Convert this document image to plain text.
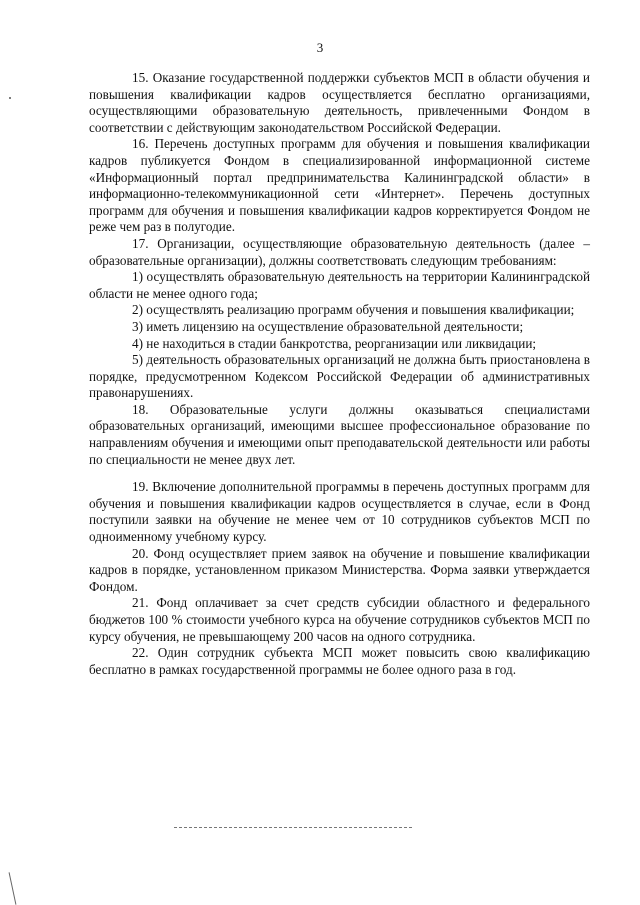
3

15. Оказание государственной поддержки субъектов МСП в области обучения и повышения квалификации кадров осуществляется бесплатно организациями, осуществляющими образовательную деятельность, привлеченными Фондом в соответствии с действующим законодательством Российской Федерации.

16. Перечень доступных программ для обучения и повышения квалификации кадров публикуется Фондом в специализированной информационной системе «Информационный портал предпринимательства Калининградской области» в информационно-телекоммуникационной сети «Интернет». Перечень доступных программ для обучения и повышения квалификации кадров корректируется Фондом не реже чем раз в полугодие.

17. Организации, осуществляющие образовательную деятельность (далее – образовательные организации), должны соответствовать следующим требованиям:

1) осуществлять образовательную деятельность на территории Калининградской области не менее одного года;

2) осуществлять реализацию программ обучения и повышения квалификации;

3) иметь лицензию на осуществление образовательной деятельности;

4) не находиться в стадии банкротства, реорганизации или ликвидации;

5) деятельность образовательных организаций не должна быть приостановлена в порядке, предусмотренном Кодексом Российской Федерации об административных правонарушениях.

18. Образовательные услуги должны оказываться специалистами образовательных организаций, имеющими высшее профессиональное образование по направлениям обучения и имеющими опыт преподавательской деятельности или работы по специальности не менее двух лет.

19. Включение дополнительной программы в перечень доступных программ для обучения и повышения квалификации кадров осуществляется в случае, если в Фонд поступили заявки на обучение не менее чем от 10 сотрудников субъектов МСП по одноименному учебному курсу.

20. Фонд осуществляет прием заявок на обучение и повышение квалификации кадров в порядке, установленном приказом Министерства. Форма заявки утверждается Фондом.

21. Фонд оплачивает за счет средств субсидии областного и федерального бюджетов 100 % стоимости учебного курса на обучение сотрудников субъектов МСП по курсу обучения, не превышающему 200 часов на одного сотрудника.

22. Один сотрудник субъекта МСП может повысить свою квалификацию бесплатно в рамках государственной программы не более одного раза в год.
